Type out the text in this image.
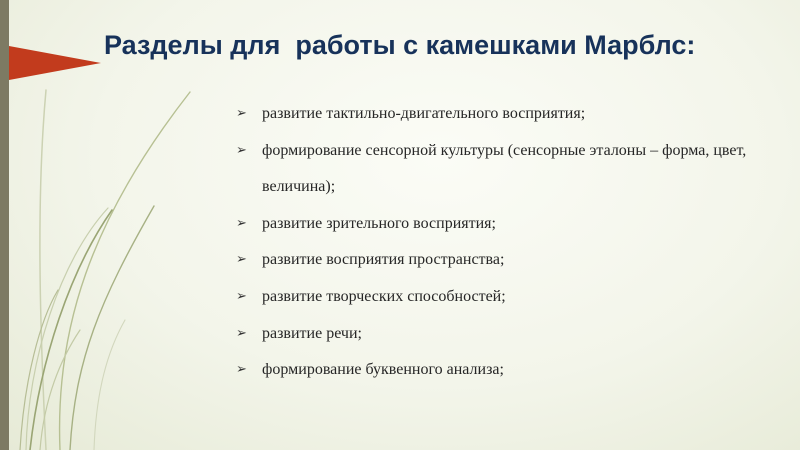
Разделы для  работы с камешками Марблс:
➢ развитие тактильно-двигательного восприятия;
➢ формирование сенсорной культуры (сенсорные эталоны – форма, цвет, величина);
➢ развитие зрительного восприятия;
➢ развитие восприятия пространства;
➢ развитие творческих способностей;
➢ развитие речи;
➢ формирование буквенного анализа;
